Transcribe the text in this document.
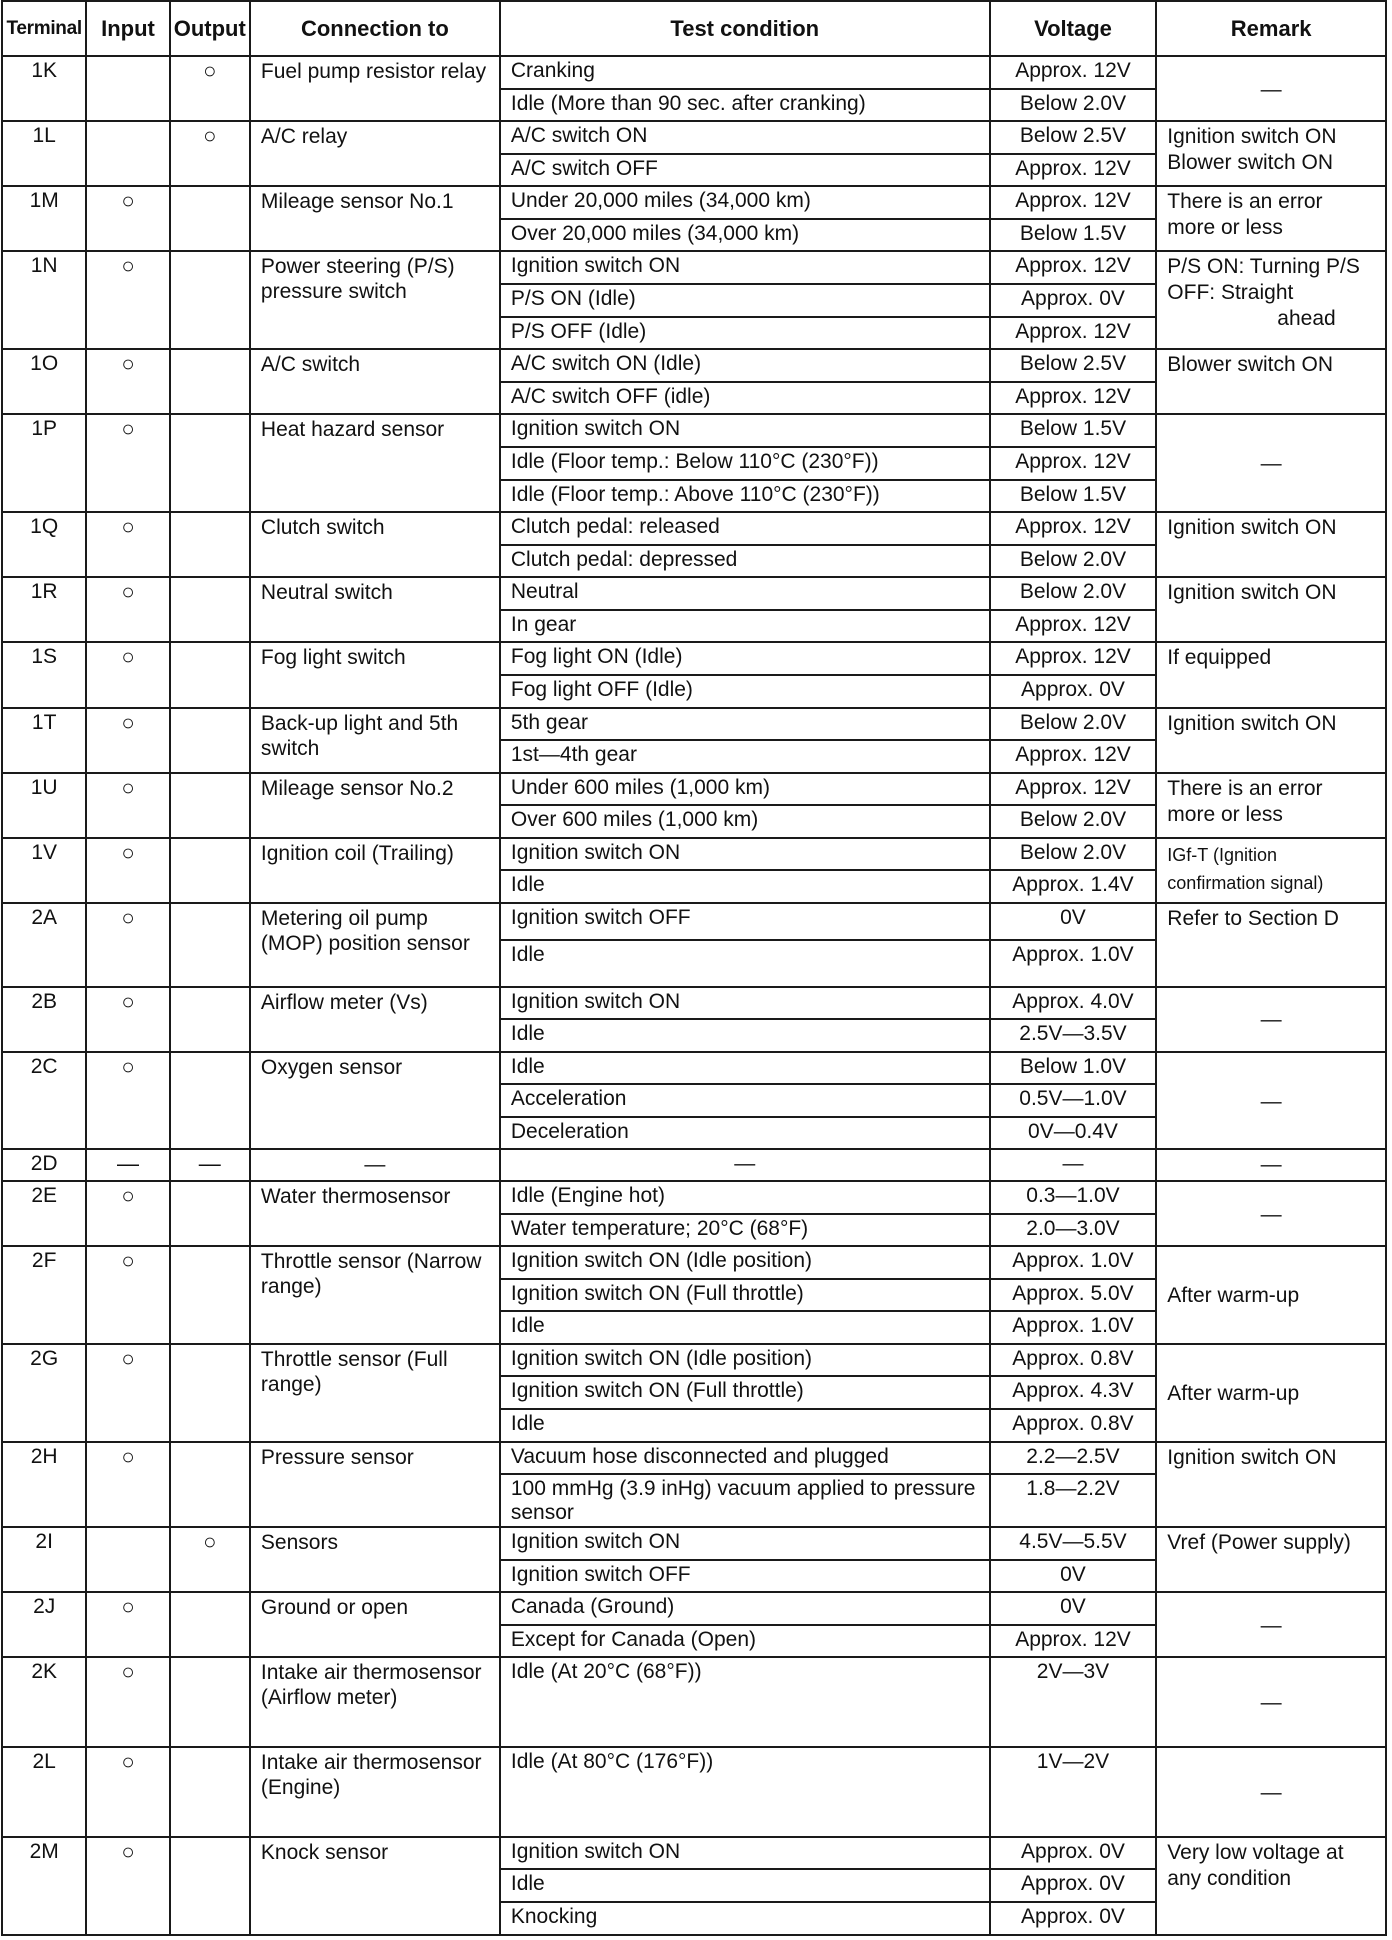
Terminal	Input	Output	Connection to	Test condition	Voltage	Remark
1K		○	Fuel pump resistor relay	Cranking	Approx. 12V	—
				Idle (More than 90 sec. after cranking)	Below 2.0V	
1L		○	A/C relay	A/C switch ON	Below 2.5V	Ignition switch ON Blower switch ON
				A/C switch OFF	Approx. 12V	
1M	○		Mileage sensor No.1	Under 20,000 miles (34,000 km)	Approx. 12V	There is an error more or less
				Over 20,000 miles (34,000 km)	Below 1.5V	
1N	○		Power steering (P/S) pressure switch	Ignition switch ON	Approx. 12V	P/S ON: Turning P/S OFF: Straight
ahead

				P/S ON (Idle)	Approx. 0V	
				P/S OFF (Idle)	Approx. 12V	
1O	○		A/C switch	A/C switch ON (Idle)	Below 2.5V	Blower switch ON
				A/C switch OFF (idle)	Approx. 12V	
1P	○		Heat hazard sensor	Ignition switch ON	Below 1.5V	—
				Idle (Floor temp.: Below 110°C (230°F))	Approx. 12V	
				Idle (Floor temp.: Above 110°C (230°F))	Below 1.5V	
1Q	○		Clutch switch	Clutch pedal: released	Approx. 12V	Ignition switch ON
				Clutch pedal: depressed	Below 2.0V	
1R	○		Neutral switch	Neutral	Below 2.0V	Ignition switch ON
				In gear	Approx. 12V	
1S	○		Fog light switch	Fog light ON (Idle)	Approx. 12V	If equipped
				Fog light OFF (Idle)	Approx. 0V	
1T	○		Back-up light and 5th switch	5th gear	Below 2.0V	Ignition switch ON
				1st—4th gear	Approx. 12V	
1U	○		Mileage sensor No.2	Under 600 miles (1,000 km)	Approx. 12V	There is an error more or less
				Over 600 miles (1,000 km)	Below 2.0V	
1V	○		Ignition coil (Trailing)	Ignition switch ON	Below 2.0V	IGf-T (Ignition confirmation signal)
				Idle	Approx. 1.4V	
2A	○		Metering oil pump (MOP) position sensor	Ignition switch OFF	0V	Refer to Section D
				Idle	Approx. 1.0V	
2B	○		Airflow meter (Vs)	Ignition switch ON	Approx. 4.0V	—
				Idle	2.5V—3.5V	
2C	○		Oxygen sensor	Idle	Below 1.0V	—
				Acceleration	0.5V—1.0V	
				Deceleration	0V—0.4V	
2D	—	—	—	—	—	—
2E	○		Water thermosensor	Idle (Engine hot)	0.3—1.0V	—
				Water temperature; 20°C (68°F)	2.0—3.0V	
2F	○		Throttle sensor (Narrow range)	Ignition switch ON (Idle position)	Approx. 1.0V	After warm-up
				Ignition switch ON (Full throttle)	Approx. 5.0V	
				Idle	Approx. 1.0V	
2G	○		Throttle sensor (Full range)	Ignition switch ON (Idle position)	Approx. 0.8V	After warm-up
				Ignition switch ON (Full throttle)	Approx. 4.3V	
				Idle	Approx. 0.8V	
2H	○		Pressure sensor	Vacuum hose disconnected and plugged	2.2—2.5V	Ignition switch ON
				100 mmHg (3.9 inHg) vacuum applied to pressure sensor	1.8—2.2V	
2I		○	Sensors	Ignition switch ON	4.5V—5.5V	Vref (Power supply)
				Ignition switch OFF	0V	
2J	○		Ground or open	Canada (Ground)	0V	—
				Except for Canada (Open)	Approx. 12V	
2K	○		Intake air thermosensor (Airflow meter)	Idle (At 20°C (68°F))	2V—3V	—
2L	○		Intake air thermosensor (Engine)	Idle (At 80°C (176°F))	1V—2V	—
2M	○		Knock sensor	Ignition switch ON	Approx. 0V	Very low voltage at any condition
				Idle	Approx. 0V	
				Knocking	Approx. 0V	
